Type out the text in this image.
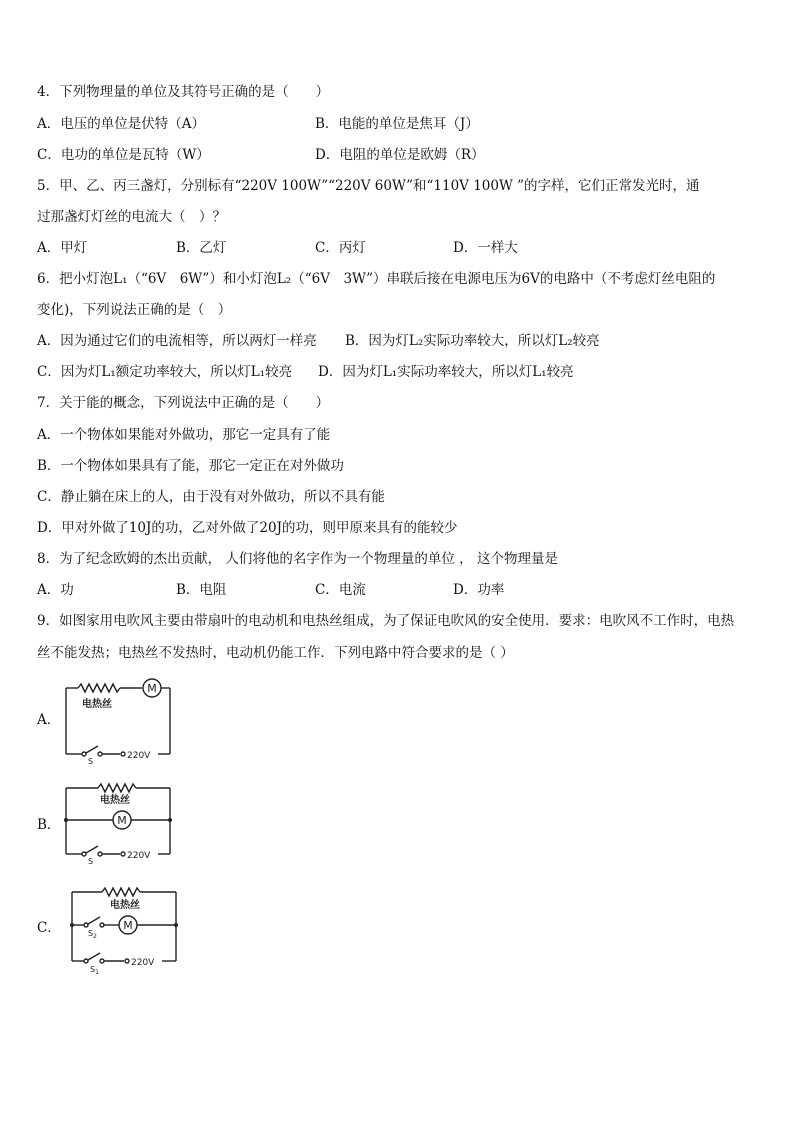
4．下列物理量的单位及其符号正确的是（　　）
A．电压的单位是伏特（A）	B．电能的单位是焦耳（J）
C．电功的单位是瓦特（W）	D．电阻的单位是欧姆（R）
5．甲、乙、丙三盏灯，分别标有“220V 100W”“220V 60W”和“110V 100W ”的字样，它们正常发光时，通
过那盏灯灯丝的电流大（　）？
A．甲灯	B．乙灯	C．丙灯	D．一样大
6．把小灯泡L₁（“6V　6W”）和小灯泡L₂（“6V　3W”）串联后接在电源电压为6V的电路中（不考虑灯丝电阻的
变化)，下列说法正确的是（　）
A．因为通过它们的电流相等，所以两灯一样亮 B．因为灯L₂实际功率较大，所以灯L₂较亮
C．因为灯L₁额定功率较大，所以灯L₁较亮 D．因为灯L₁实际功率较大，所以灯L₁较亮
7．关于能的概念，下列说法中正确的是（　　）
A．一个物体如果能对外做功，那它一定具有了能
B．一个物体如果具有了能，那它一定正在对外做功
C．静止躺在床上的人，由于没有对外做功，所以不具有能
D．甲对外做了10J的功，乙对外做了20J的功，则甲原来具有的能较少
8．为了纪念欧姆的杰出贡献， 人们将他的名字作为一个物理量的单位 ， 这个物理量是
A．功	B．电阻	C．电流	D．功率
9．如图家用电吹风主要由带扇叶的电动机和电热丝组成，为了保证电吹风的安全使用．要求：电吹风不工作时，电热
丝不能发热；电热丝不发热时，电动机仍能工作．下列电路中符合要求的是（ ）
A．
M
电热丝
S
220V
B．	M
电热丝
S
220V
C．	M
电热丝
$S_2$
$S_1$
220V
